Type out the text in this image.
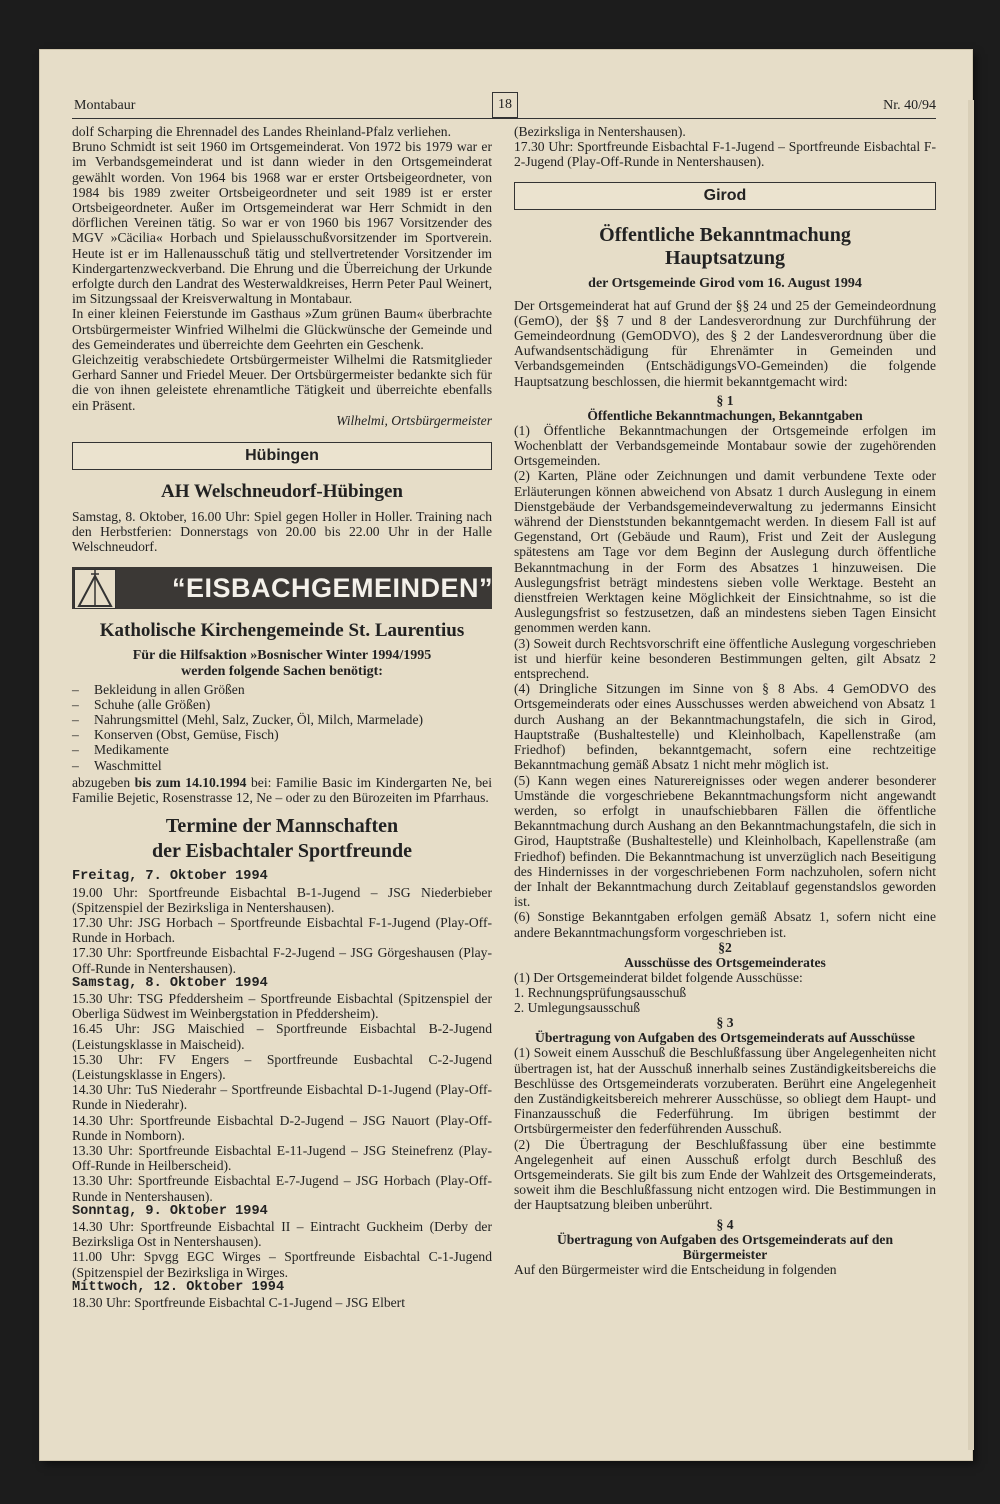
Montabaur	18	Nr. 40/94

dolf Scharping die Ehrennadel des Landes Rheinland-Pfalz verliehen.

Bruno Schmidt ist seit 1960 im Ortsgemeinderat. Von 1972 bis 1979 war er im Verbandsgemeinderat und ist dann wieder in den Ortsgemeinderat gewählt worden. Von 1964 bis 1968 war er erster Ortsbeigeordneter, von 1984 bis 1989 zweiter Ortsbeigeordneter und seit 1989 ist er erster Ortsbeigeordneter. Außer im Ortsgemeinderat war Herr Schmidt in den dörflichen Vereinen tätig. So war er von 1960 bis 1967 Vorsitzender des MGV »Cäcilia« Horbach und Spielausschußvorsitzender im Sportverein. Heute ist er im Hallenausschuß tätig und stellvertretender Vorsitzender im Kindergartenzweckverband. Die Ehrung und die Überreichung der Urkunde erfolgte durch den Landrat des Westerwaldkreises, Herrn Peter Paul Weinert, im Sitzungssaal der Kreisverwaltung in Montabaur.

In einer kleinen Feierstunde im Gasthaus »Zum grünen Baum« überbrachte Ortsbürgermeister Winfried Wilhelmi die Glückwünsche der Gemeinde und des Gemeinderates und überreichte dem Geehrten ein Geschenk.

Gleichzeitig verabschiedete Ortsbürgermeister Wilhelmi die Ratsmitglieder Gerhard Sanner und Friedel Meuer. Der Ortsbürgermeister bedankte sich für die von ihnen geleistete ehrenamtliche Tätigkeit und überreichte ebenfalls ein Präsent.

Wilhelmi, Ortsbürgermeister

Hübingen
AH Welschneudorf-Hübingen

Samstag, 8. Oktober, 16.00 Uhr: Spiel gegen Holler in Holler. Training nach den Herbstferien: Donnerstags von 20.00 bis 22.00 Uhr in der Halle Welschneudorf.

“EISBACHGEMEINDEN”
Katholische Kirchengemeinde St. Laurentius
Für die Hilfsaktion »Bosnischer Winter 1994/1995
werden folgende Sachen benötigt:
– Bekleidung in allen Größen
– Schuhe (alle Größen)
– Nahrungsmittel (Mehl, Salz, Zucker, Öl, Milch, Marmelade)
– Konserven (Obst, Gemüse, Fisch)
– Medikamente
– Waschmittel

abzugeben bis zum 14.10.1994 bei: Familie Basic im Kindergarten Ne, bei Familie Bejetic, Rosenstrasse 12, Ne – oder zu den Bürozeiten im Pfarrhaus.

Termine der Mannschaften
der Eisbachtaler Sportfreunde

Freitag, 7. Oktober 1994

19.00 Uhr: Sportfreunde Eisbachtal B-1-Jugend – JSG Niederbieber (Spitzenspiel der Bezirksliga in Nentershausen).

17.30 Uhr: JSG Horbach – Sportfreunde Eisbachtal F-1-Jugend (Play-Off-Runde in Horbach.

17.30 Uhr: Sportfreunde Eisbachtal F-2-Jugend – JSG Görgeshausen (Play-Off-Runde in Nentershausen).

Samstag, 8. Oktober 1994

15.30 Uhr: TSG Pfeddersheim – Sportfreunde Eisbachtal (Spitzenspiel der Oberliga Südwest im Weinbergstation in Pfeddersheim).

16.45 Uhr: JSG Maischied – Sportfreunde Eisbachtal B-2-Jugend (Leistungsklasse in Maischeid).

15.30 Uhr: FV Engers – Sportfreunde Eusbachtal C-2-Jugend (Leistungsklasse in Engers).

14.30 Uhr: TuS Niederahr – Sportfreunde Eisbachtal D-1-Jugend (Play-Off-Runde in Niederahr).

14.30 Uhr: Sportfreunde Eisbachtal D-2-Jugend – JSG Nauort (Play-Off-Runde in Nomborn).

13.30 Uhr: Sportfreunde Eisbachtal E-11-Jugend – JSG Steinefrenz (Play-Off-Runde in Heilberscheid).

13.30 Uhr: Sportfreunde Eisbachtal E-7-Jugend – JSG Horbach (Play-Off-Runde in Nentershausen).

Sonntag, 9. Oktober 1994

14.30 Uhr: Sportfreunde Eisbachtal II – Eintracht Guckheim (Derby der Bezirksliga Ost in Nentershausen).

11.00 Uhr: Spvgg EGC Wirges – Sportfreunde Eisbachtal C-1-Jugend (Spitzenspiel der Bezirksliga in Wirges.

Mittwoch, 12. Oktober 1994

18.30 Uhr: Sportfreunde Eisbachtal C-1-Jugend – JSG Elbert

(Bezirksliga in Nentershausen).

17.30 Uhr: Sportfreunde Eisbachtal F-1-Jugend – Sportfreunde Eisbachtal F-2-Jugend (Play-Off-Runde in Nentershausen).

Girod
Öffentliche Bekanntmachung
Hauptsatzung
der Ortsgemeinde Girod vom 16. August 1994

Der Ortsgemeinderat hat auf Grund der §§ 24 und 25 der Gemeindeordnung (GemO), der §§ 7 und 8 der Landesverordnung zur Durchführung der Gemeindeordnung (GemODVO), des § 2 der Landesverordnung über die Aufwandsentschädigung für Ehrenämter in Gemeinden und Verbandsgemeinden (EntschädigungsVO-Gemeinden) die folgende Hauptsatzung beschlossen, die hiermit bekanntgemacht wird:

§ 1
Öffentliche Bekanntmachungen, Bekanntgaben

(1) Öffentliche Bekanntmachungen der Ortsgemeinde erfolgen im Wochenblatt der Verbandsgemeinde Montabaur sowie der zugehörenden Ortsgemeinden.

(2) Karten, Pläne oder Zeichnungen und damit verbundene Texte oder Erläuterungen können abweichend von Absatz 1 durch Auslegung in einem Dienstgebäude der Verbandsgemeindeverwaltung zu jedermanns Einsicht während der Dienststunden bekanntgemacht werden. In diesem Fall ist auf Gegenstand, Ort (Gebäude und Raum), Frist und Zeit der Auslegung spätestens am Tage vor dem Beginn der Auslegung durch öffentliche Bekanntmachung in der Form des Absatzes 1 hinzuweisen. Die Auslegungsfrist beträgt mindestens sieben volle Werktage. Besteht an dienstfreien Werktagen keine Möglichkeit der Einsichtnahme, so ist die Auslegungsfrist so festzusetzen, daß an mindestens sieben Tagen Einsicht genommen werden kann.

(3) Soweit durch Rechtsvorschrift eine öffentliche Auslegung vorgeschrieben ist und hierfür keine besonderen Bestimmungen gelten, gilt Absatz 2 entsprechend.

(4) Dringliche Sitzungen im Sinne von § 8 Abs. 4 GemODVO des Ortsgemeinderats oder eines Ausschusses werden abweichend von Absatz 1 durch Aushang an der Bekanntmachungstafeln, die sich in Girod, Hauptstraße (Bushaltestelle) und Kleinholbach, Kapellenstraße (am Friedhof) befinden, bekanntgemacht, sofern eine rechtzeitige Bekanntmachung gemäß Absatz 1 nicht mehr möglich ist.

(5) Kann wegen eines Naturereignisses oder wegen anderer besonderer Umstände die vorgeschriebene Bekanntmachungsform nicht angewandt werden, so erfolgt in unaufschiebbaren Fällen die öffentliche Bekanntmachung durch Aushang an den Bekanntmachungstafeln, die sich in Girod, Hauptstraße (Bushaltestelle) und Kleinholbach, Kapellenstraße (am Friedhof) befinden. Die Bekanntmachung ist unverzüglich nach Beseitigung des Hindernisses in der vorgeschriebenen Form nachzuholen, sofern nicht der Inhalt der Bekanntmachung durch Zeitablauf gegenstandslos geworden ist.

(6) Sonstige Bekanntgaben erfolgen gemäß Absatz 1, sofern nicht eine andere Bekanntmachungsform vorgeschrieben ist.

§2
Ausschüsse des Ortsgemeinderates

(1) Der Ortsgemeinderat bildet folgende Ausschüsse:

1. Rechnungsprüfungsausschuß

2. Umlegungsausschuß

§ 3
Übertragung von Aufgaben des Ortsgemeinderats auf Ausschüsse

(1) Soweit einem Ausschuß die Beschlußfassung über Angelegenheiten nicht übertragen ist, hat der Ausschuß innerhalb seines Zuständigkeitsbereichs die Beschlüsse des Ortsgemeinderats vorzuberaten. Berührt eine Angelegenheit den Zuständigkeitsbereich mehrerer Ausschüsse, so obliegt dem Haupt- und Finanzausschuß die Federführung. Im übrigen bestimmt der Ortsbürgermeister den federführenden Ausschuß.

(2) Die Übertragung der Beschlußfassung über eine bestimmte Angelegenheit auf einen Ausschuß erfolgt durch Beschluß des Ortsgemeinderats. Sie gilt bis zum Ende der Wahlzeit des Ortsgemeinderats, soweit ihm die Beschlußfassung nicht entzogen wird. Die Bestimmungen in der Hauptsatzung bleiben unberührt.

§ 4
Übertragung von Aufgaben des Ortsgemeinderats auf den Bürgermeister

Auf den Bürgermeister wird die Entscheidung in folgenden
